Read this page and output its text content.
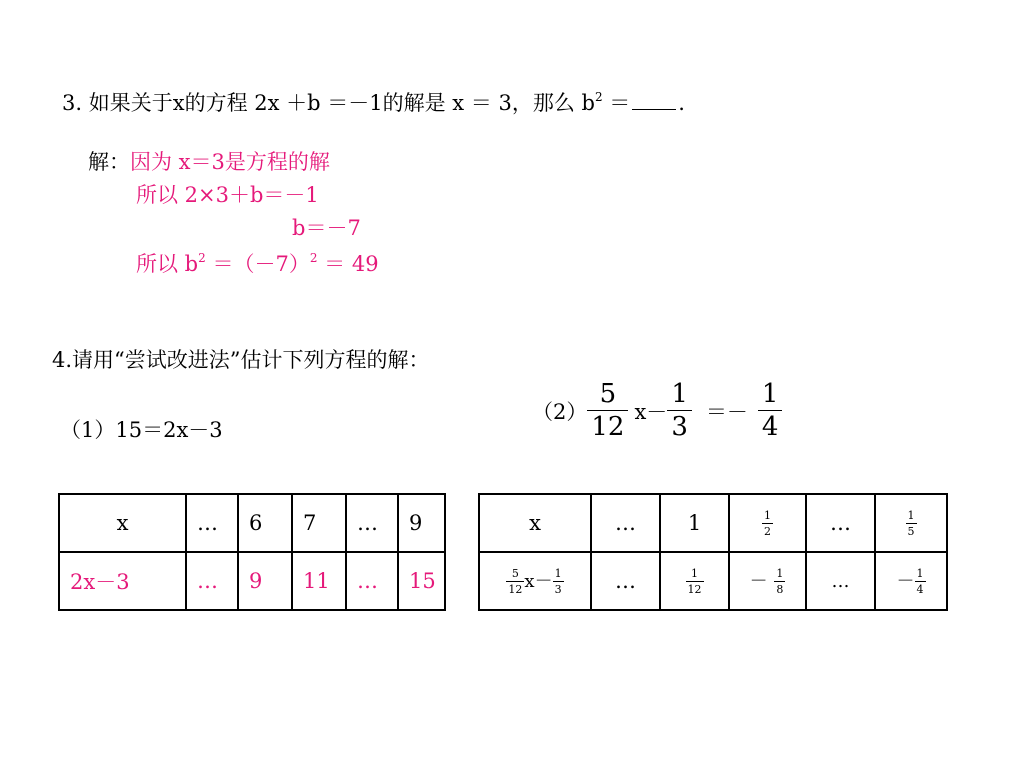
3. 如果关于x的方程 2x ＋b ＝－1的解是 x ＝ 3，那么 $b^2$ ＝ .
解：因为 x＝3是方程的解
所以 2×3＋b＝－1
b＝－7
所以 $b^2 =(-7)^2 = 49$
4.请用“尝试改进法”估计下列方程的解：
（1）15＝2x－3
$(2) \frac{5}{12} x- \frac{1}{3} =- \frac{1}{4}$
x	…	6	7	…	9
2x－3	…	9	11	…	15
x	…	1	$\frac{1}{2}$	…	$\frac{1}{5}$

$\frac{5}{12} x- \frac{1}{3}$	…	$\frac{1}{12}$	－ $\frac{1}{8}$	…	－ $\frac{1}{4}$
